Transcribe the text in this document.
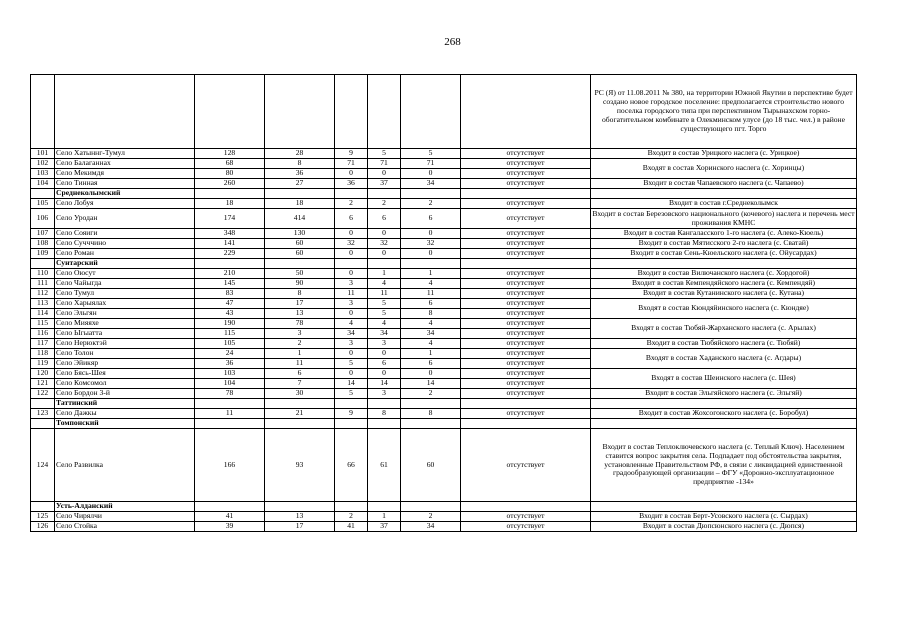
268
								РС (Я) от 11.08.2011 № 380, на территории Южной Якутии в перспективе будет создано новое городское поселение: предполагается строительство нового поселка городского типа при перспективном Тырынахском горно-обогатительном комбинате в Олекминском улусе (до 18 тыс. чел.) в районе существующего пгт. Торго
101	Село Хатыннг-Тумул	128	28	9	5	5	отсутствует	Входит в состав Урицкого наслега (с. Урицкое)
102	Село Балаганнах	68	8	71	71	71	отсутствует	Входят в состав Хоринского наслега (с. Хоринцы)
103	Село Мекимдя	80	36	0	0	0	отсутствует	
104	Село Тинная	260	27	36	37	34	отсутствует	Входит в состав Чапаевского наслега (с. Чапаево)
	Среднеколымский							
105	Село Лобуя	18	18	2	2	2	отсутствует	Входит в состав г.Среднеколымск
106	Село Уродан	174	414	6	6	6	отсутствует	Входит в состав Березовского национального (кочевого) наслега и перечень мест проживания КМНС
107	Село Сояиги	348	130	0	0	0	отсутствует	Входит в состав Кангаласского 1-го наслега (с. Алеко-Кюель)
108	Село Сучччино	141	60	32	32	32	отсутствует	Входит в состав Мятисского 2-го наслега (с. Сватай)
109	Село Роман	229	60	0	0	0	отсутствует	Входит в состав Сень-Кюельского наслега (с. Ойусардах)
	Сунтарский							
110	Село Оюсут	210	50	0	1	1	отсутствует	Входит в состав Вилючанского наслега (с. Хордогой)
111	Село Чайыгда	145	90	3	4	4	отсутствует	Входит в состав Кемпендяйского наслега (с. Кемпендяй)
112	Село Тумул	83	8	11	11	11	отсутствует	Входит в состав Кутанинского наслега (с. Кутана)
113	Село Харыялах	47	17	3	5	6	отсутствует	Входят в состав Кюндяйинского наслега (с. Кюндяе)
114	Село Эльгян	43	13	0	5	8	отсутствует	
115	Село Мияяхе	190	78	4	4	4	отсутствует	Входят в состав Тюбяй-Жарханского наслега (с. Арылах)
116	Село Ыгыатта	115	3	34	34	34	отсутствует	
117	Село Нерюктэй	105	2	3	3	4	отсутствует	Входит в состав Тюбяйского наслега (с. Тюбяй)
118	Село Толон	24	1	0	0	1	отсутствует	Входят в состав Хаданского наслега (с. Агдары)
119	Село Эйикяр	36	11	5	6	6	отсутствует	
120	Село Бясь-Шея	103	6	0	0	0	отсутствует	Входят в состав Шеинского наслега (с. Шея)
121	Село Комсомол	104	7	14	14	14	отсутствует	
122	Село Бордон 3-й	78	30	5	3	2	отсутствует	Входит в состав Эльгяйского наслега (с. Эльгяй)
	Таттинский							
123	Село Дажкы	11	21	9	8	8	отсутствует	Входит в состав Жохсогонского наслега (с. Боробул)
	Томпонский							
124	Село Развилка	166	93	66	61	60	отсутствует	Входит в состав Теплоключевского наслега (с. Теплый Ключ). Населением ставится вопрос закрытия села. Подпадает под обстоятельства закрытия, установленные Правительством РФ, в связи с ликвидацией единственной градообразующей организации – ФГУ «Дорожно-эксплуатационное предприятие -134»
	Усть-Алданский							
125	Село Чирялчи	41	13	2	1	2	отсутствует	Входит в состав Берт-Усовского наслега (с. Сырдах)
126	Село Стойка	39	17	41	37	34	отсутствует	Входит в состав Дюпсюнского наслега (с. Дюпся)
